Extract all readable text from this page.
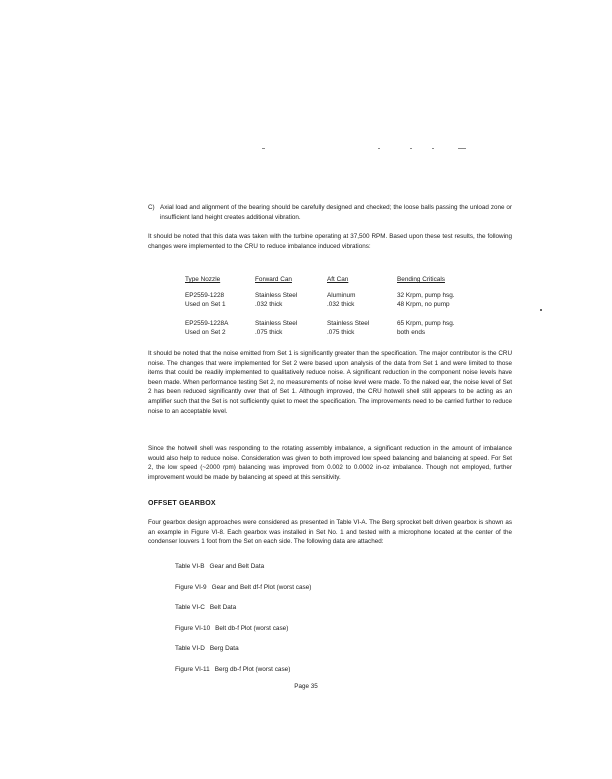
C) Axial load and alignment of the bearing should be carefully designed and checked; the loose balls passing the unload zone or insufficient land height creates additional vibration.
It should be noted that this data was taken with the turbine operating at 37,500 RPM. Based upon these test results, the following changes were implemented to the CRU to reduce imbalance induced vibrations:
Type Nozzle	Forward Can	Aft Can	Bending Criticals
EP2559-1228	Stainless Steel	Aluminum	32 Krpm, pump hsg.
Used on Set 1	.032 thick	.032 thick	48 Krpm, no pump

EP2559-1228A	Stainless Steel	Stainless Steel	65 Krpm, pump hsg.
Used on Set 2	.075 thick	.075 thick	both ends
It should be noted that the noise emitted from Set 1 is significantly greater than the specification. The major contributor is the CRU noise. The changes that were implemented for Set 2 were based upon analysis of the data from Set 1 and were limited to those items that could be readily implemented to qualitatively reduce noise. A significant reduction in the component noise levels have been made. When performance testing Set 2, no measurements of noise level were made. To the naked ear, the noise level of Set 2 has been reduced significantly over that of Set 1. Although improved, the CRU hotwell shell still appears to be acting as an amplifier such that the Set is not sufficiently quiet to meet the specification. The improvements need to be carried further to reduce noise to an acceptable level.
Since the hotwell shell was responding to the rotating assembly imbalance, a significant reduction in the amount of imbalance would also help to reduce noise. Consideration was given to both improved low speed balancing and balancing at speed. For Set 2, the low speed (~2000 rpm) balancing was improved from 0.002 to 0.0002 in-oz imbalance. Though not employed, further improvement would be made by balancing at speed at this sensitivity.
OFFSET GEARBOX
Four gearbox design approaches were considered as presented in Table VI-A. The Berg sprocket belt driven gearbox is shown as an example in Figure VI-8. Each gearbox was installed in Set No. 1 and tested with a microphone located at the center of the condenser louvers 1 foot from the Set on each side. The following data are attached:
Table VI-B Gear and Belt Data
Figure VI-9 Gear and Belt df-f Plot (worst case)
Table VI-C Belt Data
Figure VI-10 Belt db-f Plot (worst case)
Table VI-D Berg Data
Figure VI-11 Berg db-f Plot (worst case)
Page 35
